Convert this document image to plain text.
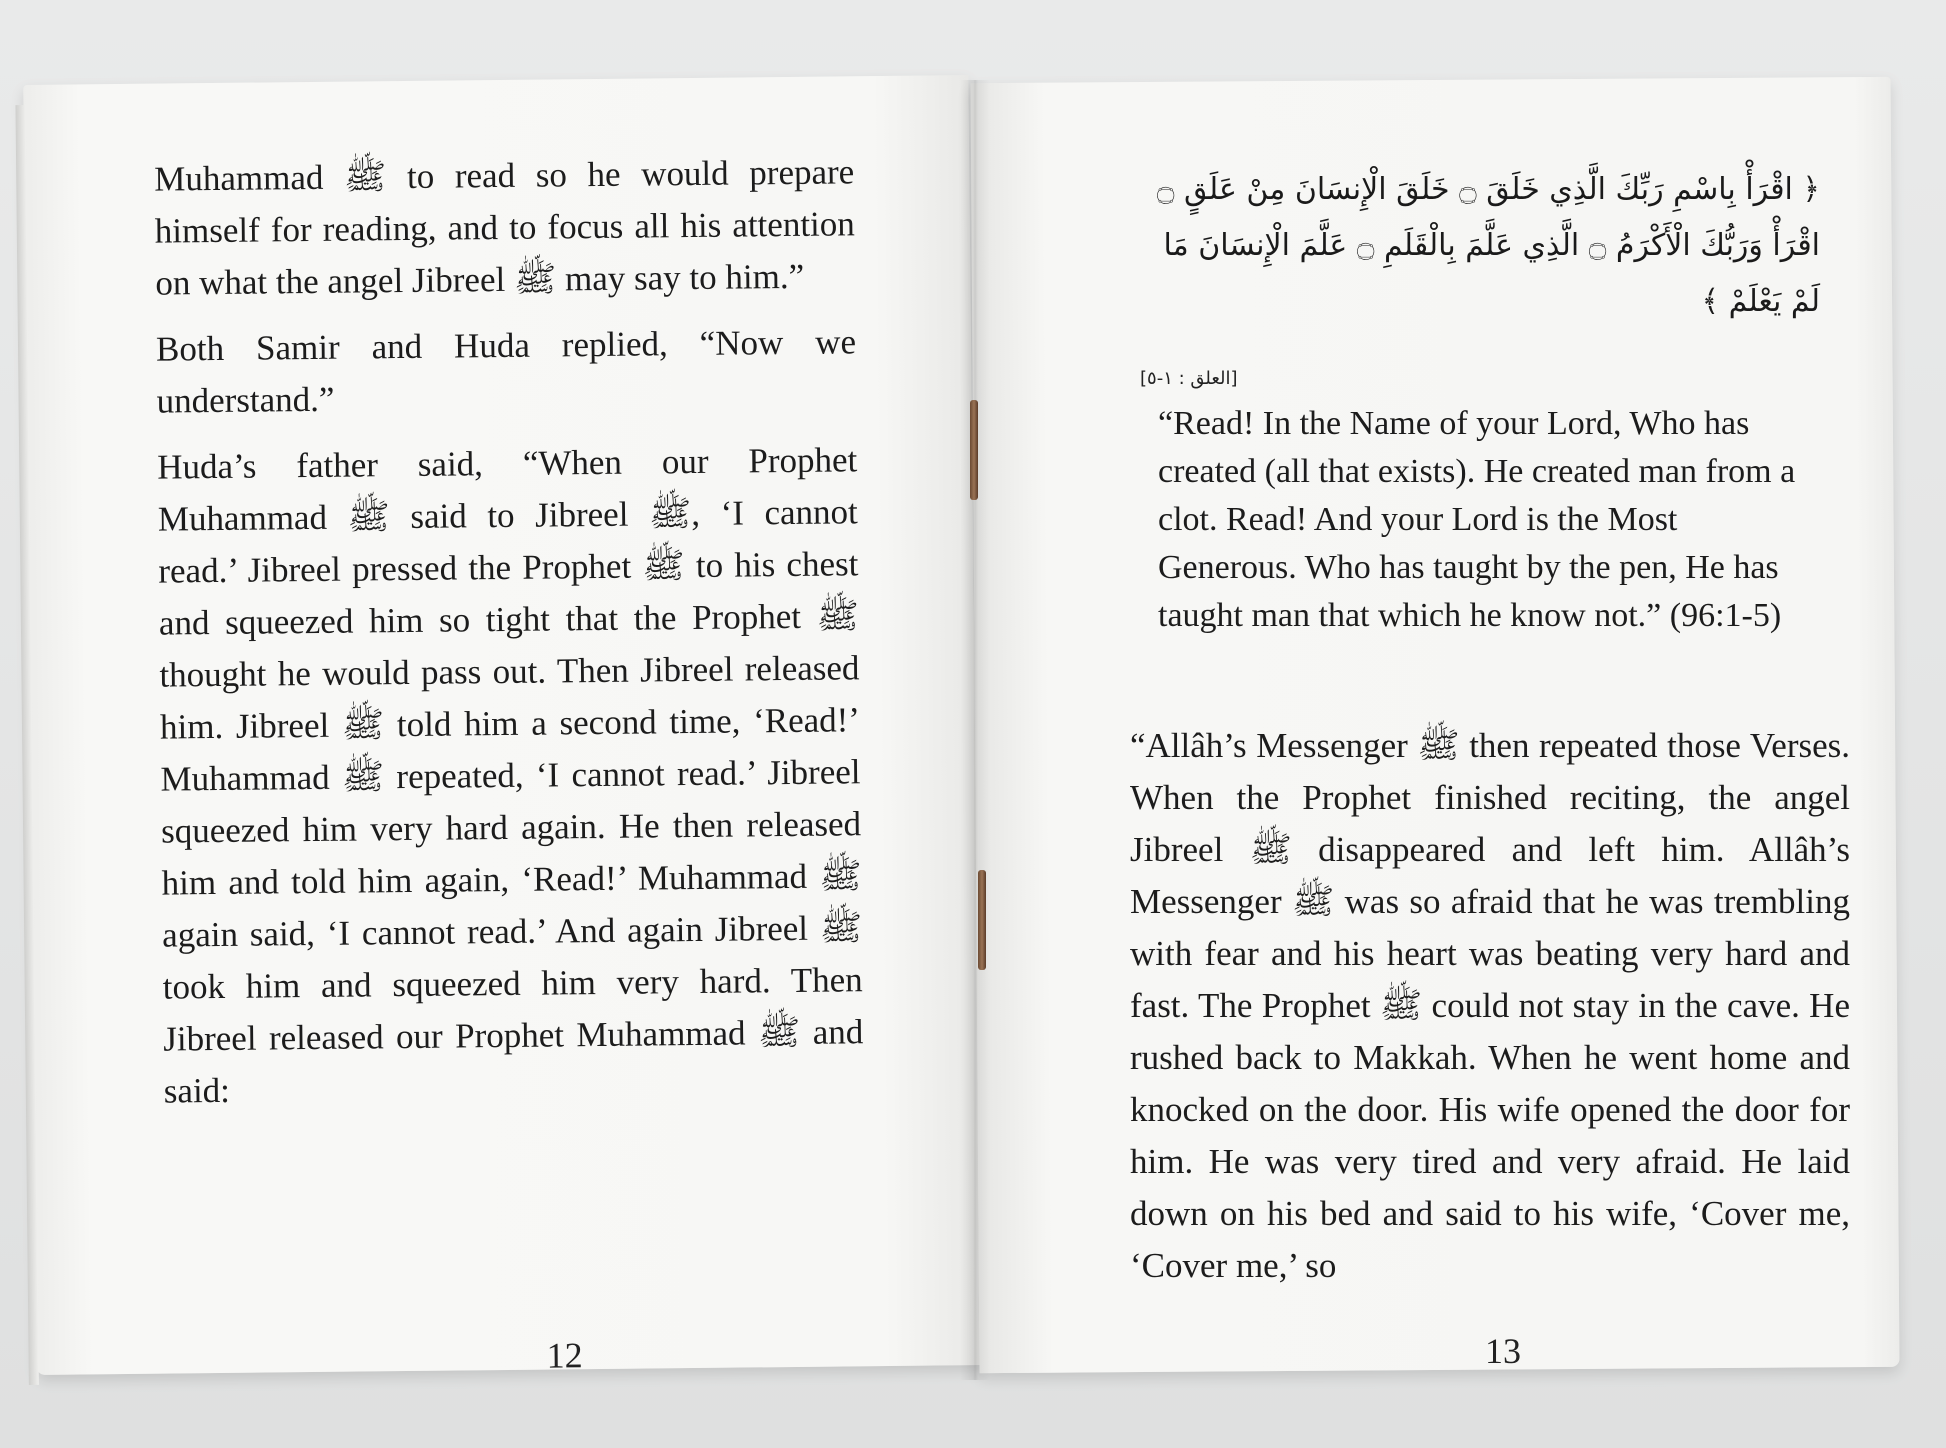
Muhammad ﷺ to read so he would prepare himself for reading, and to focus all his attention on what the angel Jibreel ﷺ may say to him.”

Both Samir and Huda replied, “Now we understand.”

Huda’s father said, “When our Prophet Muhammad ﷺ said to Jibreel ﷺ, ‘I cannot read.’ Jibreel pressed the Prophet ﷺ to his chest and squeezed him so tight that the Prophet ﷺ thought he would pass out. Then Jibreel released him. Jibreel ﷺ told him a second time, ‘Read!’ Muhammad ﷺ repeated, ‘I cannot read.’ Jibreel squeezed him very hard again. He then released him and told him again, ‘Read!’ Muhammad ﷺ again said, ‘I cannot read.’ And again Jibreel ﷺ took him and squeezed him very hard. Then Jibreel released our Prophet Muhammad ﷺ and said:

12
﴿ اقْرَأْ بِاسْمِ رَبِّكَ الَّذِي خَلَقَ ۝ خَلَقَ الْإِنسَانَ مِنْ عَلَقٍ ۝ اقْرَأْ وَرَبُّكَ الْأَكْرَمُ ۝ الَّذِي عَلَّمَ بِالْقَلَمِ ۝ عَلَّمَ الْإِنسَانَ مَا لَمْ يَعْلَمْ ﴾
[العلق : ١-٥]
“Read! In the Name of your Lord, Who has created (all that exists). He created man from a clot. Read! And your Lord is the Most Generous. Who has taught by the pen, He has taught man that which he know not.” (96:1-5)

“Allâh’s Messenger ﷺ then repeated those Verses. When the Prophet finished reciting, the angel Jibreel ﷺ disappeared and left him. Allâh’s Messenger ﷺ was so afraid that he was trembling with fear and his heart was beating very hard and fast. The Prophet ﷺ could not stay in the cave. He rushed back to Makkah. When he went home and knocked on the door. His wife opened the door for him. He was very tired and very afraid. He laid down on his bed and said to his wife, ‘Cover me, ‘Cover me,’ so

13
